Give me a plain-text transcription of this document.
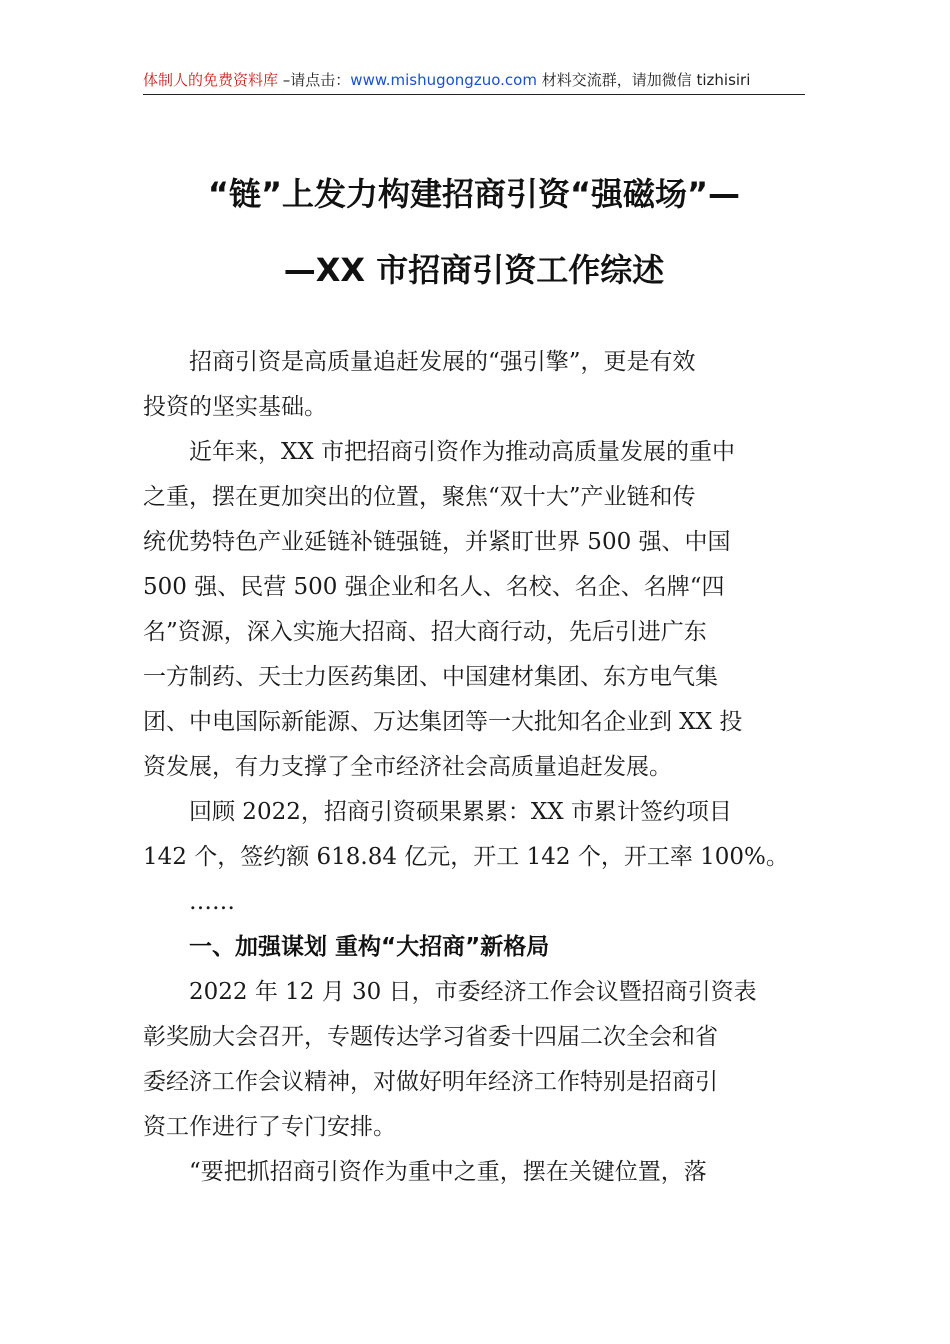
体制人的免费资料库 –请点击：www.mishugongzuo.com 材料交流群，请加微信 tizhisiri
“链”上发力构建招商引资“强磁场”—
—XX 市招商引资工作综述
　　招商引资是高质量追赶发展的“强引擎”，更是有效
投资的坚实基础。
　　近年来，XX 市把招商引资作为推动高质量发展的重中
之重，摆在更加突出的位置，聚焦“双十大”产业链和传
统优势特色产业延链补链强链，并紧盯世界 500 强、中国
500 强、民营 500 强企业和名人、名校、名企、名牌“四
名”资源，深入实施大招商、招大商行动，先后引进广东
一方制药、天士力医药集团、中国建材集团、东方电气集
团、中电国际新能源、万达集团等一大批知名企业到 XX 投
资发展，有力支撑了全市经济社会高质量追赶发展。
　　回顾 2022，招商引资硕果累累：XX 市累计签约项目
142 个，签约额 618.84 亿元，开工 142 个，开工率 100%。
　　……
　　一、加强谋划 重构“大招商”新格局
　　2022 年 12 月 30 日，市委经济工作会议暨招商引资表
彰奖励大会召开，专题传达学习省委十四届二次全会和省
委经济工作会议精神，对做好明年经济工作特别是招商引
资工作进行了专门安排。
　　“要把抓招商引资作为重中之重，摆在关键位置，落
